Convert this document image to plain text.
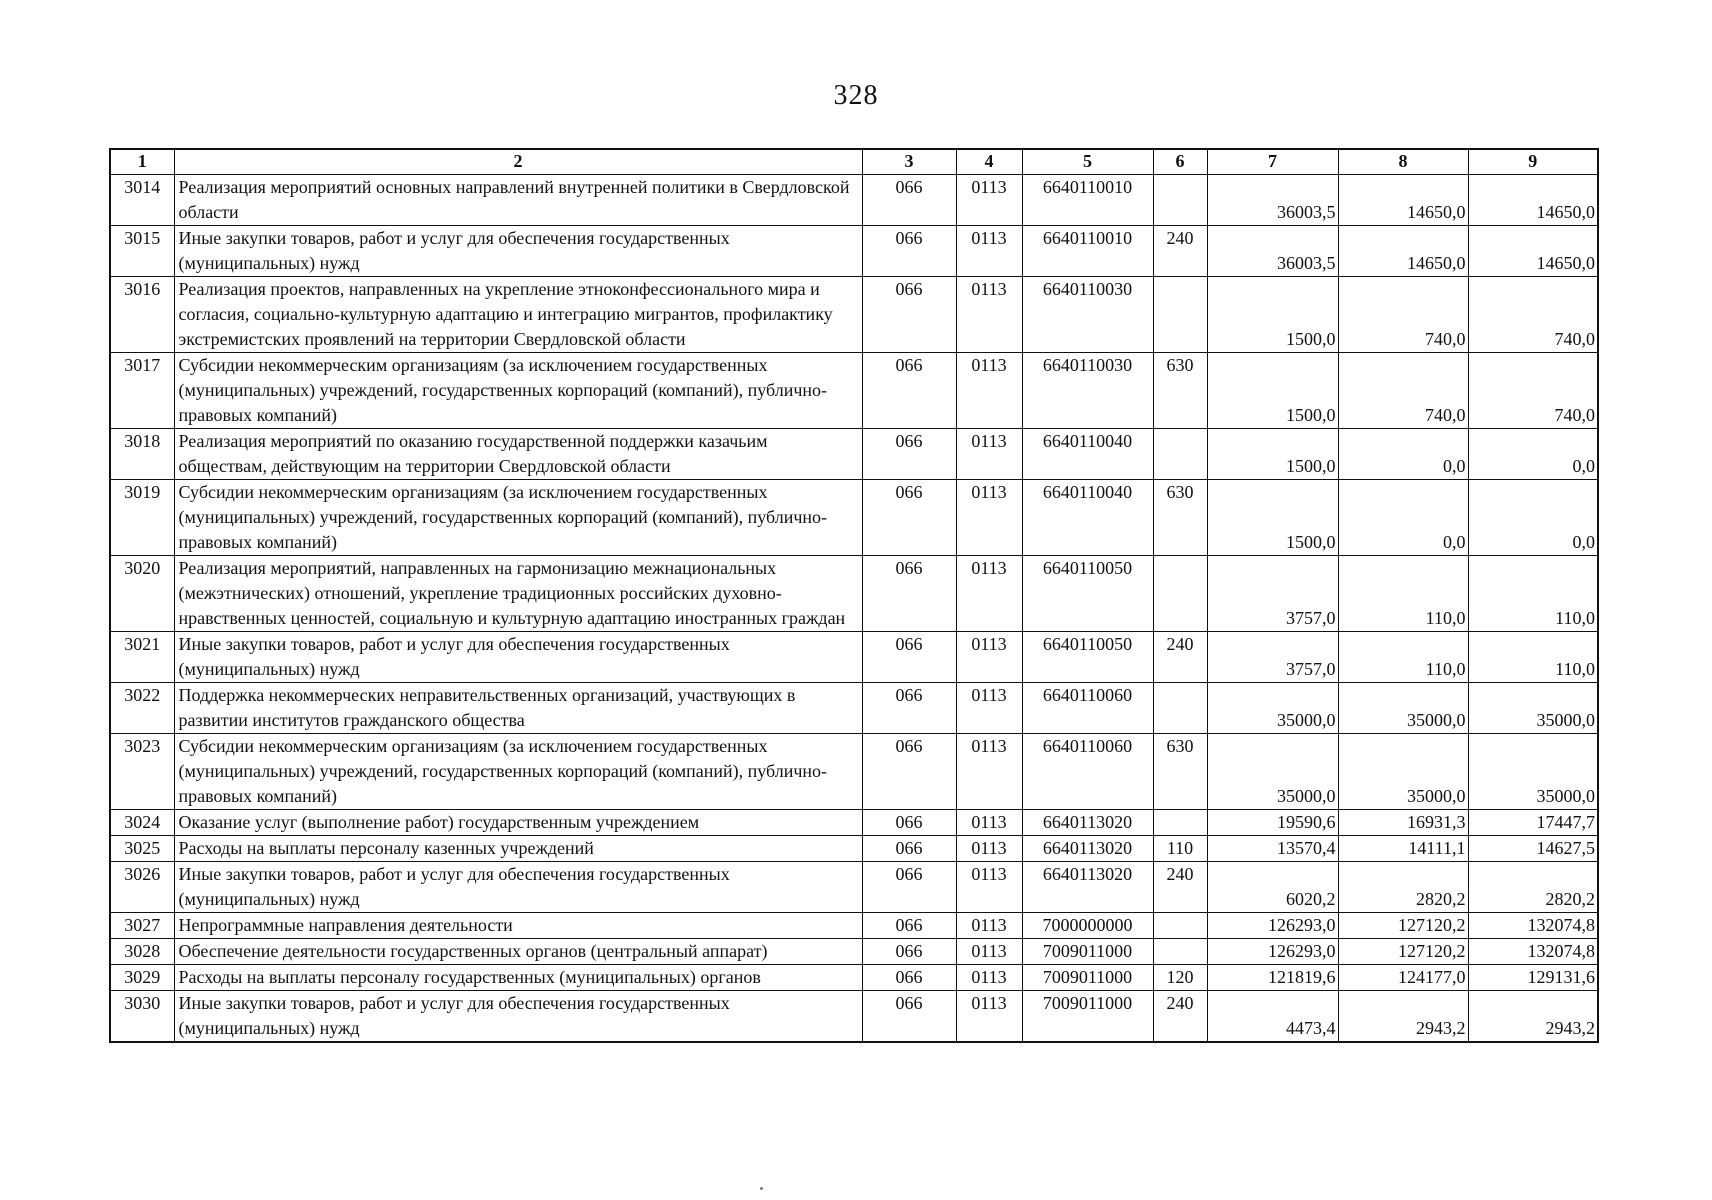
328
1	2	3	4	5	6	7	8	9
3014	Реализация мероприятий основных направлений внутренней политики в Свердловской области	066	0113	6640110010		36003,5	14650,0	14650,0
3015	Иные закупки товаров, работ и услуг для обеспечения государственных (муниципальных) нужд	066	0113	6640110010	240	36003,5	14650,0	14650,0
3016	Реализация проектов, направленных на укрепление этноконфессионального мира и согласия, социально-культурную адаптацию и интеграцию мигрантов, профилактику экстремистских проявлений на территории Свердловской области	066	0113	6640110030		1500,0	740,0	740,0
3017	Субсидии некоммерческим организациям (за исключением государственных (муниципальных) учреждений, государственных корпораций (компаний), публично-правовых компаний)	066	0113	6640110030	630	1500,0	740,0	740,0
3018	Реализация мероприятий по оказанию государственной поддержки казачьим обществам, действующим на территории Свердловской области	066	0113	6640110040		1500,0	0,0	0,0
3019	Субсидии некоммерческим организациям (за исключением государственных (муниципальных) учреждений, государственных корпораций (компаний), публично-правовых компаний)	066	0113	6640110040	630	1500,0	0,0	0,0
3020	Реализация мероприятий, направленных на гармонизацию межнациональных (межэтнических) отношений, укрепление традиционных российских духовно-нравственных ценностей, социальную и культурную адаптацию иностранных граждан	066	0113	6640110050		3757,0	110,0	110,0
3021	Иные закупки товаров, работ и услуг для обеспечения государственных (муниципальных) нужд	066	0113	6640110050	240	3757,0	110,0	110,0
3022	Поддержка некоммерческих неправительственных организаций, участвующих в развитии институтов гражданского общества	066	0113	6640110060		35000,0	35000,0	35000,0
3023	Субсидии некоммерческим организациям (за исключением государственных (муниципальных) учреждений, государственных корпораций (компаний), публично-правовых компаний)	066	0113	6640110060	630	35000,0	35000,0	35000,0
3024	Оказание услуг (выполнение работ) государственным учреждением	066	0113	6640113020		19590,6	16931,3	17447,7
3025	Расходы на выплаты персоналу казенных учреждений	066	0113	6640113020	110	13570,4	14111,1	14627,5
3026	Иные закупки товаров, работ и услуг для обеспечения государственных (муниципальных) нужд	066	0113	6640113020	240	6020,2	2820,2	2820,2
3027	Непрограммные направления деятельности	066	0113	7000000000		126293,0	127120,2	132074,8
3028	Обеспечение деятельности государственных органов (центральный аппарат)	066	0113	7009011000		126293,0	127120,2	132074,8
3029	Расходы на выплаты персоналу государственных (муниципальных) органов	066	0113	7009011000	120	121819,6	124177,0	129131,6
3030	Иные закупки товаров, работ и услуг для обеспечения государственных (муниципальных) нужд	066	0113	7009011000	240	4473,4	2943,2	2943,2
